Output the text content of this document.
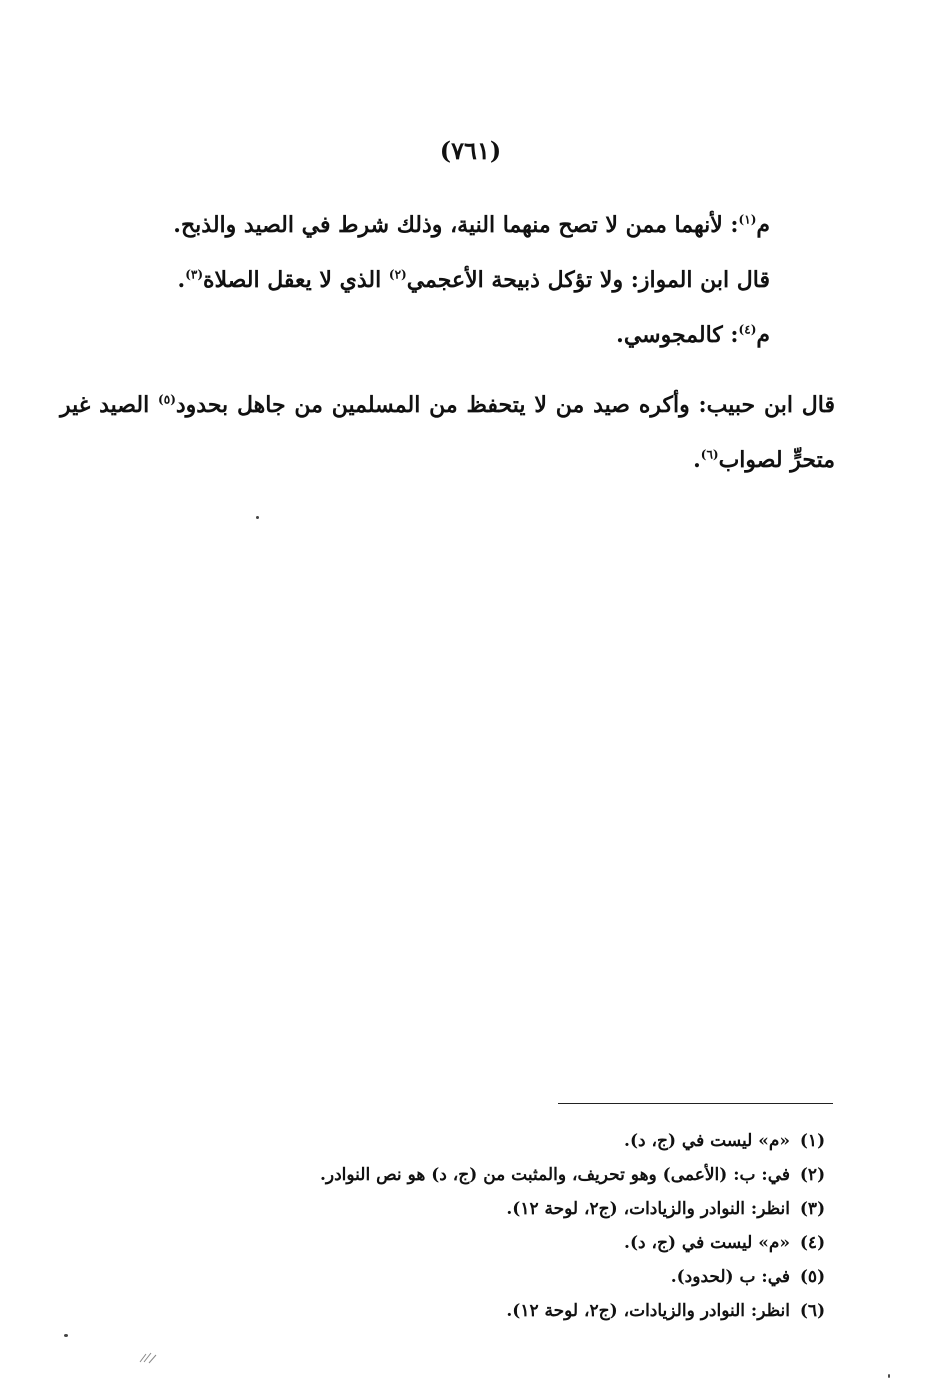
(٧٦١)
م$^{(١)}$: لأنهما ممن لا تصح منهما النية، وذلك شرط في الصيد والذبح.
قال ابن المواز: ولا تؤكل ذبيحة الأعجمي$^{(٢)}$ الذي لا يعقل الصلاة$^{(٣)}$.
م$^{(٤)}$: كالمجوسي.
قال ابن حبيب: وأكره صيد من لا يتحفظ من المسلمين من جاهل بحدود$^{(٥)}$ الصيد غير متحرٍّ لصواب$^{(٦)}$.
(١)
«م» ليست في (ج، د).
(٢)
في: ب: (الأعمى) وهو تحريف، والمثبت من (ج، د) هو نص النوادر.
(٣)
انظر: النوادر والزيادات، (ج٢، لوحة ١٢).
(٤)
«م» ليست في (ج، د).
(٥)
في: ب (لحدود).
(٦)
انظر: النوادر والزيادات، (ج٢، لوحة ١٢).
